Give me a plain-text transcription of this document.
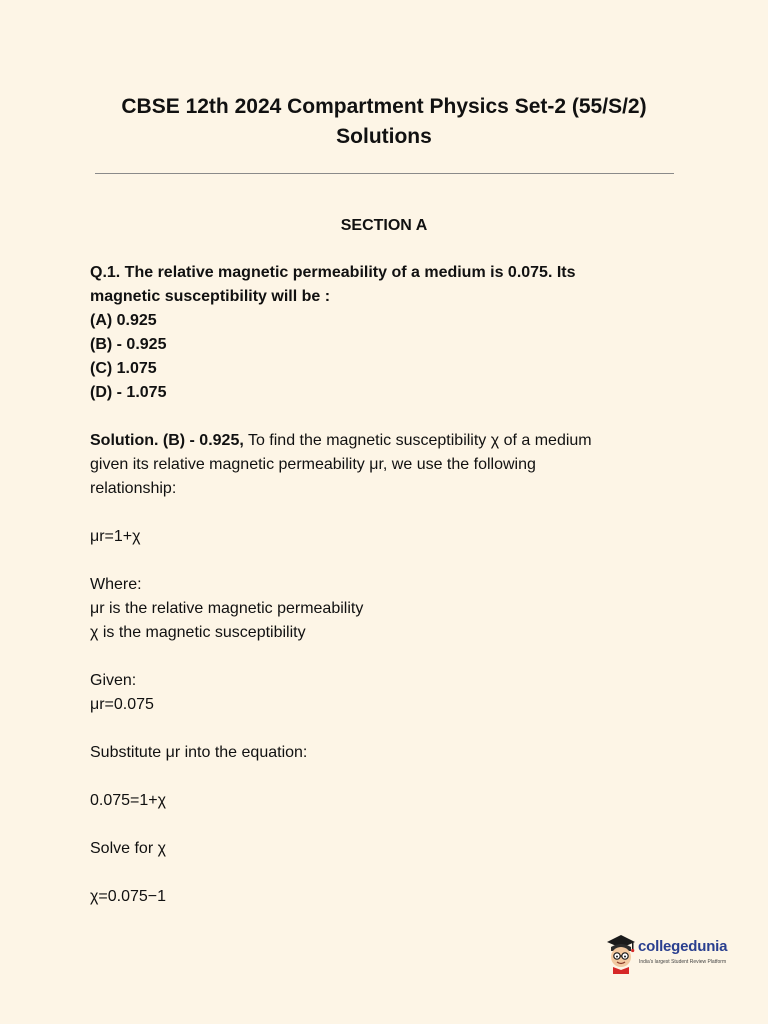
CBSE 12th 2024 Compartment Physics Set-2 (55/S/2)
Solutions
SECTION A
Q.1. The relative magnetic permeability of a medium is 0.075. Its
magnetic susceptibility will be :
(A) 0.925
(B) - 0.925
(C) 1.075
(D) - 1.075
Solution. (B) - 0.925, To find the magnetic susceptibility χ of a medium
given its relative magnetic permeability μr, we use the following
relationship:
μr=1+χ
Where:
μr is the relative magnetic permeability
χ is the magnetic susceptibility
Given:
μr=0.075
Substitute μr into the equation:
0.075=1+χ
Solve for χ
χ=0.075−1
collegedunia
India's largest Student Review Platform
